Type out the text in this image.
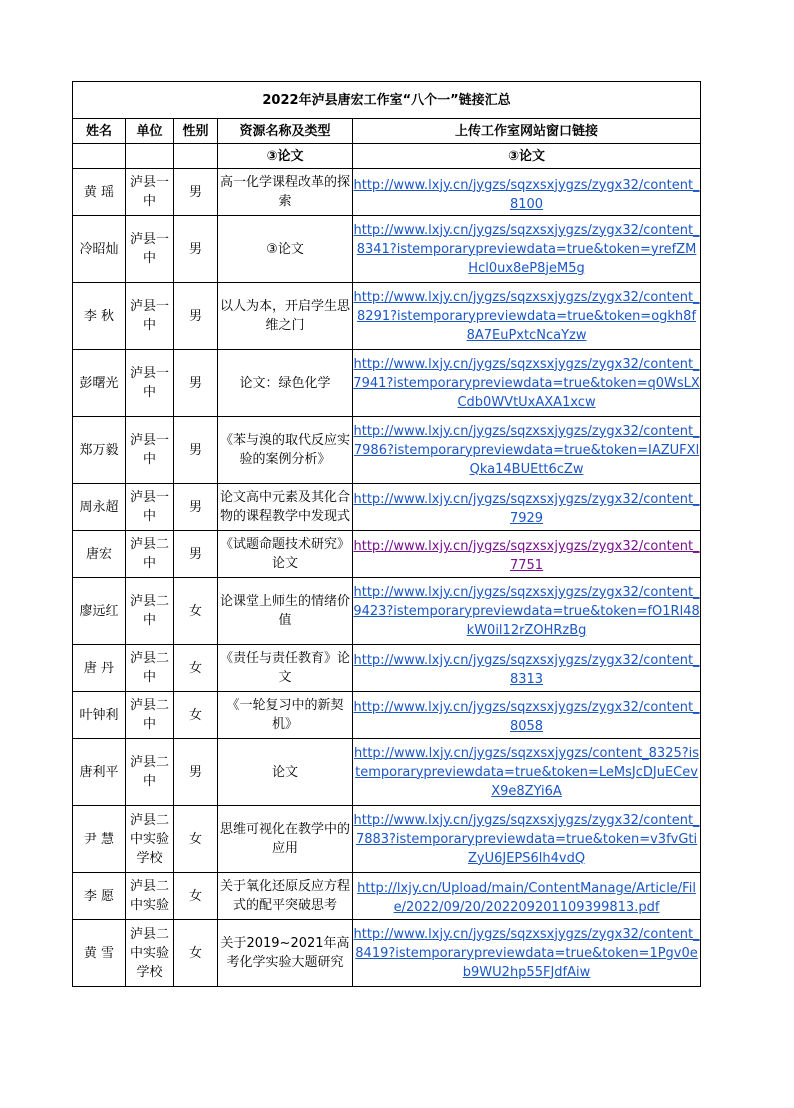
2022年泸县唐宏工作室“八个一”链接汇总				
姓名	单位	性别	资源名称及类型	上传工作室网站窗口链接
			③论文	③论文
黄 瑶	泸县一中	男	高一化学课程改革的探索	http://www.lxjy.cn/jygzs/sqzxsxjygzs/zygx32/content_8100

冷昭灿	泸县一中	男	③论文	http://www.lxjy.cn/jygzs/sqzxsxjygzs/zygx32/content_8341?istemporarypreviewdata=true&token=yrefZMHcl0ux8eP8jeM5g

李 秋	泸县一中	男	以人为本，开启学生思维之门	http://www.lxjy.cn/jygzs/sqzxsxjygzs/zygx32/content_8291?istemporarypreviewdata=true&token=ogkh8f8A7EuPxtcNcaYzw

彭曙光	泸县一中	男	论文：绿色化学	http://www.lxjy.cn/jygzs/sqzxsxjygzs/zygx32/content_7941?istemporarypreviewdata=true&token=q0WsLXCdb0WVtUxAXA1xcw

郑万毅	泸县一中	男	《苯与溴的取代反应实验的案例分析》	http://www.lxjy.cn/jygzs/sqzxsxjygzs/zygx32/content_7986?istemporarypreviewdata=true&token=IAZUFXlQka14BUEtt6cZw

周永超	泸县一中	男	论文高中元素及其化合物的课程教学中发现式	http://www.lxjy.cn/jygzs/sqzxsxjygzs/zygx32/content_7929

唐宏	泸县二中	男	《试题命题技术研究》论文	http://www.lxjy.cn/jygzs/sqzxsxjygzs/zygx32/content_7751

廖远红	泸县二中	女	论课堂上师生的情绪价值	http://www.lxjy.cn/jygzs/sqzxsxjygzs/zygx32/content_9423?istemporarypreviewdata=true&token=fO1Rl48kW0il12rZOHRzBg

唐 丹	泸县二中	女	《责任与责任教育》论文	http://www.lxjy.cn/jygzs/sqzxsxjygzs/zygx32/content_8313

叶钟利	泸县二中	女	《一轮复习中的新契机》	http://www.lxjy.cn/jygzs/sqzxsxjygzs/zygx32/content_8058

唐利平	泸县二中	男	论文	http://www.lxjy.cn/jygzs/sqzxsxjygzs/content_8325?istemporarypreviewdata=true&token=LeMsJcDJuECevX9e8ZYi6A

尹 慧	泸县二中实验学校	女	思维可视化在教学中的应用	http://www.lxjy.cn/jygzs/sqzxsxjygzs/zygx32/content_7883?istemporarypreviewdata=true&token=v3fvGtiZyU6JEPS6lh4vdQ

李 愿	泸县二中实验	女	关于氧化还原反应方程式的配平突破思考	http://lxjy.cn/Upload/main/ContentManage/Article/File/2022/09/20/202209201109399813.pdf

黄 雪	泸县二中实验学校	女	关于2019~2021年高考化学实验大题研究	http://www.lxjy.cn/jygzs/sqzxsxjygzs/zygx32/content_8419?istemporarypreviewdata=true&token=1Pgv0eb9WU2hp55FJdfAiw
